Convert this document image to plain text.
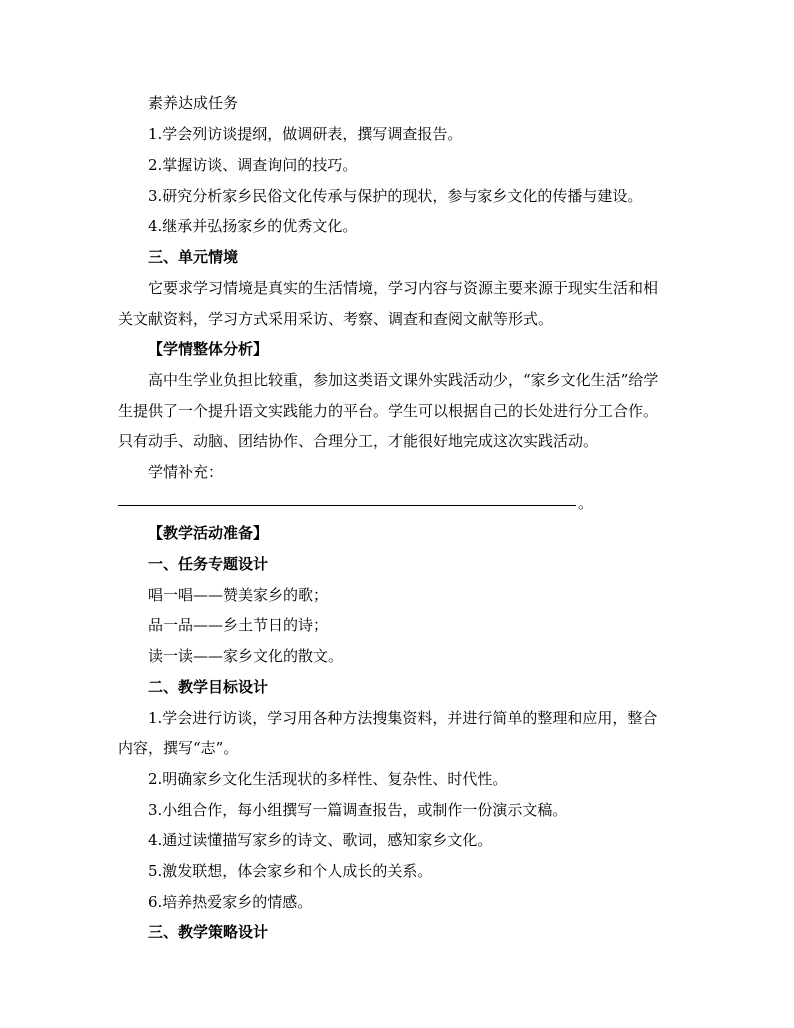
素养达成任务
1.学会列访谈提纲，做调研表，撰写调查报告。
2.掌握访谈、调查询问的技巧。
3.研究分析家乡民俗文化传承与保护的现状，参与家乡文化的传播与建设。
4.继承并弘扬家乡的优秀文化。
三、单元情境
它要求学习情境是真实的生活情境，学习内容与资源主要来源于现实生活和相
关文献资料，学习方式采用采访、考察、调查和查阅文献等形式。
【学情整体分析】
高中生学业负担比较重，参加这类语文课外实践活动少，“家乡文化生活”给学
生提供了一个提升语文实践能力的平台。学生可以根据自己的长处进行分工合作。
只有动手、动脑、团结协作、合理分工，才能很好地完成这次实践活动。
学情补充：
。
【教学活动准备】
一、任务专题设计
唱一唱——赞美家乡的歌；
品一品——乡土节日的诗；
读一读——家乡文化的散文。
二、教学目标设计
1.学会进行访谈，学习用各种方法搜集资料，并进行简单的整理和应用，整合
内容，撰写“志”。
2.明确家乡文化生活现状的多样性、复杂性、时代性。
3.小组合作，每小组撰写一篇调查报告，或制作一份演示文稿。
4.通过读懂描写家乡的诗文、歌词，感知家乡文化。
5.激发联想，体会家乡和个人成长的关系。
6.培养热爱家乡的情感。
三、教学策略设计
